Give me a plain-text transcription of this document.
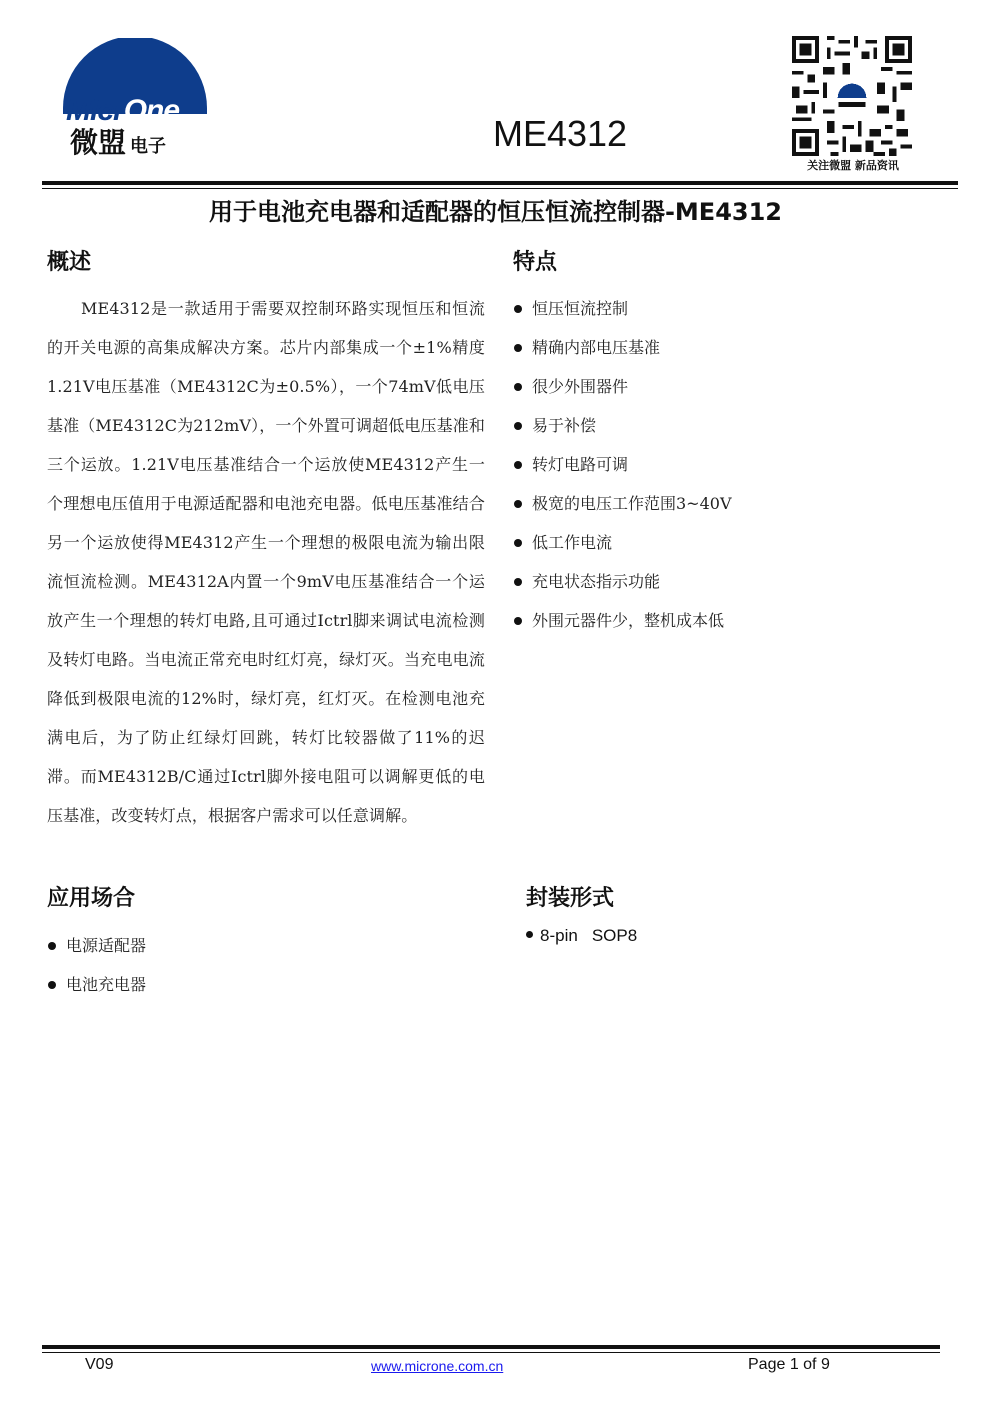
MicrOne
微盟 电子	ME4312
关注微盟 新品资讯
用于电池充电器和适配器的恒压恒流控制器-ME4312
概述

ME4312是一款适用于需要双控制环路实现恒压和恒流的开关电源的高集成解决方案。芯片内部集成一个±1%精度1.21V电压基准（ME4312C为±0.5%），一个74mV低电压基准（ME4312C为212mV），一个外置可调超低电压基准和三个运放。1.21V电压基准结合一个运放使ME4312产生一个理想电压值用于电源适配器和电池充电器。低电压基准结合另一个运放使得ME4312产生一个理想的极限电流为输出限流恒流检测。ME4312A内置一个9mV电压基准结合一个运放产生一个理想的转灯电路,且可通过Ictrl脚来调试电流检测及转灯电路。当电流正常充电时红灯亮，绿灯灭。当充电电流降低到极限电流的12%时，绿灯亮，红灯灭。在检测电池充满电后，为了防止红绿灯回跳，转灯比较器做了11%的迟滞。而ME4312B/C通过Ictrl脚外接电阻可以调解更低的电压基准，改变转灯点，根据客户需求可以任意调解。

特点
恒压恒流控制
精确内部电压基准
很少外围器件
易于补偿
转灯电路可调
极宽的电压工作范围3~40V
低工作电流
充电状态指示功能
外围元器件少，整机成本低
应用场合
电源适配器
电池充电器
封装形式
8-pin SOP8
V09	www.microne.com.cn	Page 1 of 9
